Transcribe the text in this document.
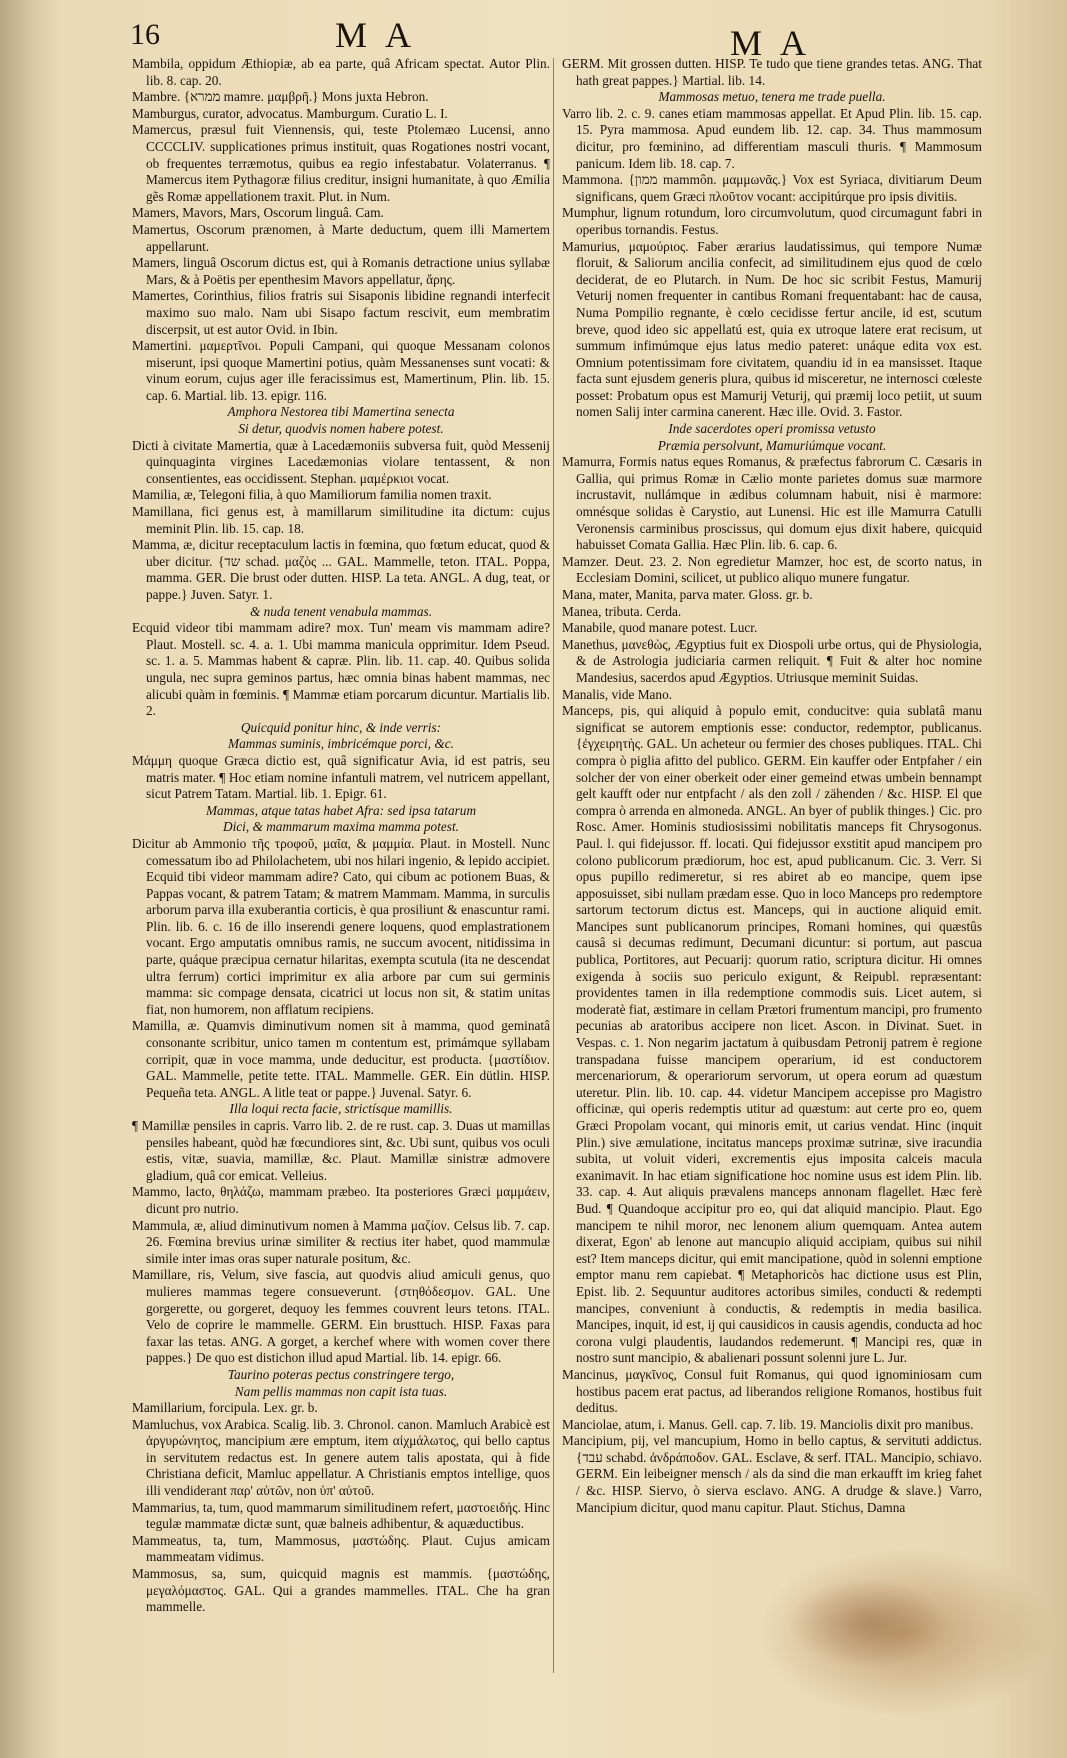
16	MA	MA

Mambila, oppidum Æthiopiæ, ab ea parte, quâ Africam spectat. Autor Plin. lib. 8. cap. 20.

Mambre. {ממרא mamre. μαμβρῆ.} Mons juxta Hebron.

Mamburgus, curator, advocatus. Mamburgum. Curatio L. I.

Mamercus, præsul fuit Viennensis, qui, teste Ptolemæo Lucensi, anno CCCCLIV. supplicationes primus instituit, quas Rogationes nostri vocant, ob frequentes terræmotus, quibus ea regio infestabatur. Volaterranus. ¶ Mamercus item Pythagoræ filius creditur, insigni humanitate, à quo Æmilia gẽs Romæ appellationem traxit. Plut. in Num.

Mamers, Mavors, Mars, Oscorum linguâ. Cam.

Mamertus, Oscorum prænomen, à Marte deductum, quem illi Mamertem appellarunt.

Mamers, linguâ Oscorum dictus est, qui à Romanis detractione unius syllabæ Mars, & à Poëtis per epenthesim Mavors appellatur, ἄρης.

Mamertes, Corinthius, filios fratris sui Sisaponis libidine regnandi interfecit maximo suo malo. Nam ubi Sisapo factum rescivit, eum membratim discerpsit, ut est autor Ovid. in Ibin.

Mamertini. μαμερτῖνοι. Populi Campani, qui quoque Messanam colonos miserunt, ipsi quoque Mamertini potius, quàm Messanenses sunt vocati: & vinum eorum, cujus ager ille feracissimus est, Mamertinum, Plin. lib. 15. cap. 6. Martial. lib. 13. epigr. 116.

Amphora Nestorea tibi Mamertina senecta

Si detur, quodvis nomen habere potest.

Dicti à civitate Mamertia, quæ à Lacedæmoniis subversa fuit, quòd Messenij quinquaginta virgines Lacedæmonias violare tentassent, & non consentientes, eas occidissent. Stephan. μαμέρκιοι vocat.

Mamilia, æ, Telegoni filia, à quo Mamiliorum familia nomen traxit.

Mamillana, fici genus est, à mamillarum similitudine ita dictum: cujus meminit Plin. lib. 15. cap. 18.

Mamma, æ, dicitur receptaculum lactis in fœmina, quo fœtum educat, quod & uber dicitur. {שד schad. μαζὸς ... GAL. Mammelle, teton. ITAL. Poppa, mamma. GER. Die brust oder dutten. HISP. La teta. ANGL. A dug, teat, or pappe.} Juven. Satyr. 1.

& nuda tenent venabula mammas.

Ecquid videor tibi mammam adire? mox. Tun' meam vis mammam adire? Plaut. Mostell. sc. 4. a. 1. Ubi mamma manicula opprimitur. Idem Pseud. sc. 1. a. 5. Mammas habent & capræ. Plin. lib. 11. cap. 40. Quibus solida ungula, nec supra geminos partus, hæc omnia binas habent mammas, nec alicubi quàm in fœminis. ¶ Mammæ etiam porcarum dicuntur. Martialis lib. 2.

Quicquid ponitur hinc, & inde verris:

Mammas suminis, imbricémque porci, &c.

Μάμμη quoque Græca dictio est, quâ significatur Avia, id est patris, seu matris mater. ¶ Hoc etiam nomine infantuli matrem, vel nutricem appellant, sicut Patrem Tatam. Martial. lib. 1. Epigr. 61.

Mammas, atque tatas habet Afra: sed ipsa tatarum

Dici, & mammarum maxima mamma potest.

Dicitur ab Ammonio τῆς τροφοῦ, μαῖα, & μαμμία. Plaut. in Mostell. Nunc comessatum ibo ad Philolachetem, ubi nos hilari ingenio, & lepido accipiet. Ecquid tibi videor mammam adire? Cato, qui cibum ac potionem Buas, & Pappas vocant, & patrem Tatam; & matrem Mammam. Mamma, in surculis arborum parva illa exuberantia corticis, è qua prosiliunt & enascuntur rami. Plin. lib. 6. c. 16 de illo inserendi genere loquens, quod emplastrationem vocant. Ergo amputatis omnibus ramis, ne succum avocent, nitidissima in parte, quáque præcipua cernatur hilaritas, exempta scutula (ita ne descendat ultra ferrum) cortici imprimitur ex alia arbore par cum sui germinis mamma: sic compage densata, cicatrici ut locus non sit, & statim unitas fiat, non humorem, non afflatum recipiens.

Mamilla, æ. Quamvis diminutivum nomen sit à mamma, quod geminatâ consonante scribitur, unico tamen m contentum est, primámque syllabam corripit, quæ in voce mamma, unde deducitur, est producta. {μαστίδιον. GAL. Mammelle, petite tette. ITAL. Mammelle. GER. Ein dütlin. HISP. Pequeña teta. ANGL. A litle teat or pappe.} Juvenal. Satyr. 6.

Illa loqui recta facie, strictísque mamillis.

¶ Mamillæ pensiles in capris. Varro lib. 2. de re rust. cap. 3. Duas ut mamillas pensiles habeant, quòd hæ fœcundiores sint, &c. Ubi sunt, quibus vos oculi estis, vitæ, suavia, mamillæ, &c. Plaut. Mamillæ sinistræ admovere gladium, quâ cor emicat. Velleius.

Mammo, lacto, θηλάζω, mammam præbeo. Ita posteriores Græci μαμμάειν, dicunt pro nutrio.

Mammula, æ, aliud diminutivum nomen à Mamma μαζίον. Celsus lib. 7. cap. 26. Fœmina brevius urinæ similiter & rectius iter habet, quod mammulæ simile inter imas oras super naturale positum, &c.

Mamillare, ris, Velum, sive fascia, aut quodvis aliud amiculi genus, quo mulieres mammas tegere consueverunt. {στηθόδεσμον. GAL. Une gorgerette, ou gorgeret, dequoy les femmes couvrent leurs tetons. ITAL. Velo de coprire le mammelle. GERM. Ein brusttuch. HISP. Faxas para faxar las tetas. ANG. A gorget, a kerchef where with women cover there pappes.} De quo est distichon illud apud Martial. lib. 14. epigr. 66.

Taurino poteras pectus constringere tergo,

Nam pellis mammas non capit ista tuas.

Mamillarium, forcipula. Lex. gr. b.

Mamluchus, vox Arabica. Scalig. lib. 3. Chronol. canon. Mamluch Arabicè est ἀργυρώνητος, mancipium ære emptum, item αἰχμάλωτος, qui bello captus in servitutem redactus est. In genere autem talis apostata, qui à fide Christiana deficit, Mamluc appellatur. A Christianis emptos intellige, quos illi vendiderant παρ' αὐτῶν, non ὑπ' αὐτοῦ.

Mammarius, ta, tum, quod mammarum similitudinem refert, μαστοειδής. Hinc tegulæ mammatæ dictæ sunt, quæ balneis adhibentur, & aquæductibus.

Mammeatus, ta, tum, Mammosus, μαστώδης. Plaut. Cujus amicam mammeatam vidimus.

Mammosus, sa, sum, quicquid magnis est mammis. {μαστώδης, μεγαλόμαστος. GAL. Qui a grandes mammelles. ITAL. Che ha gran mammelle.

GERM. Mit grossen dutten. HISP. Te tudo que tiene grandes tetas. ANG. That hath great pappes.} Martial. lib. 14.

Mammosas metuo, tenera me trade puella.

Varro lib. 2. c. 9. canes etiam mammosas appellat. Et Apud Plin. lib. 15. cap. 15. Pyra mammosa. Apud eundem lib. 12. cap. 34. Thus mammosum dicitur, pro fœminino, ad differentiam masculi thuris. ¶ Mammosum panicum. Idem lib. 18. cap. 7.

Mammona. {ממון mammôn. μαμμωνᾶς.} Vox est Syriaca, divitiarum Deum significans, quem Græci πλοῦτον vocant: accipitúrque pro ipsis divitiis.

Mumphur, lignum rotundum, loro circumvolutum, quod circumagunt fabri in operibus tornandis. Festus.

Mamurius, μαμούριος. Faber ærarius laudatissimus, qui tempore Numæ floruit, & Saliorum ancilia confecit, ad similitudinem ejus quod de cœlo deciderat, de eo Plutarch. in Num. De hoc sic scribit Festus, Mamurij Veturij nomen frequenter in cantibus Romani frequentabant: hac de causa, Numa Pompilio regnante, è cœlo cecidisse fertur ancile, id est, scutum breve, quod ideo sic appellatú est, quia ex utroque latere erat recisum, ut summum infimúmque ejus latus medio pateret: unáque edita vox est. Omnium potentissimam fore civitatem, quandiu id in ea mansisset. Itaque facta sunt ejusdem generis plura, quibus id misceretur, ne internosci cœleste posset: Probatum opus est Mamurij Veturij, qui præmij loco petiit, ut suum nomen Salij inter carmina canerent. Hæc ille. Ovid. 3. Fastor.

Inde sacerdotes operi promissa vetusto

Præmia persolvunt, Mamuriúmque vocant.

Mamurra, Formis natus eques Romanus, & præfectus fabrorum C. Cæsaris in Gallia, qui primus Romæ in Cælio monte parietes domus suæ marmore incrustavit, nullámque in ædibus columnam habuit, nisi è marmore: omnésque solidas è Carystio, aut Lunensi. Hic est ille Mamurra Catulli Veronensis carminibus proscissus, qui domum ejus dixit habere, quicquid habuisset Comata Gallia. Hæc Plin. lib. 6. cap. 6.

Mamzer. Deut. 23. 2. Non egredietur Mamzer, hoc est, de scorto natus, in Ecclesiam Domini, scilicet, ut publico aliquo munere fungatur.

Mana, mater, Manita, parva mater. Gloss. gr. b.

Manea, tributa. Cerda.

Manabile, quod manare potest. Lucr.

Manethus, μανεθὼς, Ægyptius fuit ex Diospoli urbe ortus, qui de Physiologia, & de Astrologia judiciaria carmen reliquit. ¶ Fuit & alter hoc nomine Mandesius, sacerdos apud Ægyptios. Utriusque meminit Suidas.

Manalis, vide Mano.

Manceps, pis, qui aliquid à populo emit, conducitve: quia sublatâ manu significat se autorem emptionis esse: conductor, redemptor, publicanus. {ἐγχειρητὴς. GAL. Un acheteur ou fermier des choses publiques. ITAL. Chi compra ò piglia afitto del publico. GERM. Ein kauffer oder Entpfaher / ein solcher der von einer oberkeit oder einer gemeind etwas umbein bennampt gelt kaufft oder nur entpfacht / als den zoll / zähenden / &c. HISP. El que compra ò arrenda en almoneda. ANGL. An byer of publik thinges.} Cic. pro Rosc. Amer. Hominis studiosissimi nobilitatis manceps fit Chrysogonus. Paul. l. qui fidejussor. ff. locati. Qui fidejussor exstitit apud mancipem pro colono publicorum prædiorum, hoc est, apud publicanum. Cic. 3. Verr. Si opus pupillo redimeretur, si res abiret ab eo mancipe, quem ipse apposuisset, sibi nullam prædam esse. Quo in loco Manceps pro redemptore sartorum tectorum dictus est. Manceps, qui in auctione aliquid emit. Mancipes sunt publicanorum principes, Romani homines, qui quæstûs causâ si decumas redimunt, Decumani dicuntur: si portum, aut pascua publica, Portitores, aut Pecuarij: quorum ratio, scriptura dicitur. Hi omnes exigenda à sociis suo periculo exigunt, & Reipubl. repræsentant: providentes tamen in illa redemptione commodis suis. Licet autem, si moderatè fiat, æstimare in cellam Prætori frumentum mancipi, pro frumento pecunias ab aratoribus accipere non licet. Ascon. in Divinat. Suet. in Vespas. c. 1. Non negarim jactatum à quibusdam Petronij patrem è regione transpadana fuisse mancipem operarium, id est conductorem mercenariorum, & operariorum servorum, ut opera eorum ad quæstum uteretur. Plin. lib. 10. cap. 44. videtur Mancipem accepisse pro Magistro officinæ, qui operis redemptis utitur ad quæstum: aut certe pro eo, quem Græci Propolam vocant, qui minoris emit, ut carius vendat. Hinc (inquit Plin.) sive æmulatione, incitatus manceps proximæ sutrinæ, sive iracundia subita, ut voluit videri, excrementis ejus imposita calceis macula exanimavit. In hac etiam significatione hoc nomine usus est idem Plin. lib. 33. cap. 4. Aut aliquis prævalens manceps annonam flagellet. Hæc ferè Bud. ¶ Quandoque accipitur pro eo, qui dat aliquid mancipio. Plaut. Ego mancipem te nihil moror, nec lenonem alium quemquam. Antea autem dixerat, Egon' ab lenone aut mancupio aliquid accipiam, quibus sui nihil est? Item manceps dicitur, qui emit mancipatione, quòd in solenni emptione emptor manu rem capiebat. ¶ Metaphoricòs hac dictione usus est Plin, Epist. lib. 2. Sequuntur auditores actoribus similes, conducti & redempti mancipes, conveniunt à conductis, & redemptis in media basilica. Mancipes, inquit, id est, ij qui causidicos in causis agendis, conducta ad hoc corona vulgi plaudentis, laudandos redemerunt. ¶ Mancipi res, quæ in nostro sunt mancipio, & abalienari possunt solenni jure L. Jur.

Mancinus, μαγκῖνος, Consul fuit Romanus, qui quod ignominiosam cum hostibus pacem erat pactus, ad liberandos religione Romanos, hostibus fuit deditus.

Manciolae, atum, i. Manus. Gell. cap. 7. lib. 19. Manciolis dixit pro manibus.

Mancipium, pij, vel mancupium, Homo in bello captus, & servituti addictus. {עבד schabd. ἀνδράποδον. GAL. Esclave, & serf. ITAL. Mancipio, schiavo. GERM. Ein leibeigner mensch / als da sind die man erkaufft im krieg fahet / &c. HISP. Siervo, ò sierva esclavo. ANG. A drudge & slave.} Varro, Mancipium dicitur, quod manu capitur. Plaut. Stichus, Damna
